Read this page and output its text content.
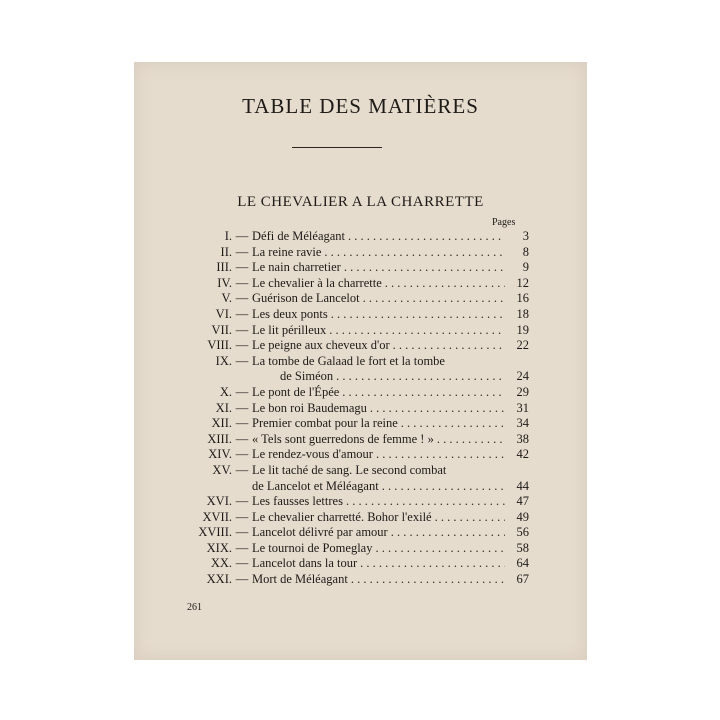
TABLE DES MATIÈRES
LE CHEVALIER A LA CHARRETTE
Pages
I. — Défi de Méléagant . . .	3
II. — La reine ravie . . .	8
III. — Le nain charretier . . .	9
IV. — Le chevalier à la charrette . . .	12
V. — Guérison de Lancelot . . .	16
VI. — Les deux ponts . . .	18
VII. — Le lit périlleux . . .	19
VIII. — Le peigne aux cheveux d'or . . .	22
IX. — La tombe de Galaad le fort et la tombe
de Siméon . . .	24
X. — Le pont de l'Épée . . .	29
XI. — Le bon roi Baudemagu . . .	31
XII. — Premier combat pour la reine . . .	34
XIII. — « Tels sont guerredons de femme ! » . . .	38
XIV. — Le rendez-vous d'amour . . .	42
XV. — Le lit taché de sang. Le second combat
de Lancelot et Méléagant . . .	44
XVI. — Les fausses lettres . . .	47
XVII. — Le chevalier charretté. Bohor l'exilé . . .	49
XVIII. — Lancelot délivré par amour . . .	56
XIX. — Le tournoi de Pomeglay . . .	58
XX. — Lancelot dans la tour . . .	64
XXI. — Mort de Méléagant . . .	67
261
